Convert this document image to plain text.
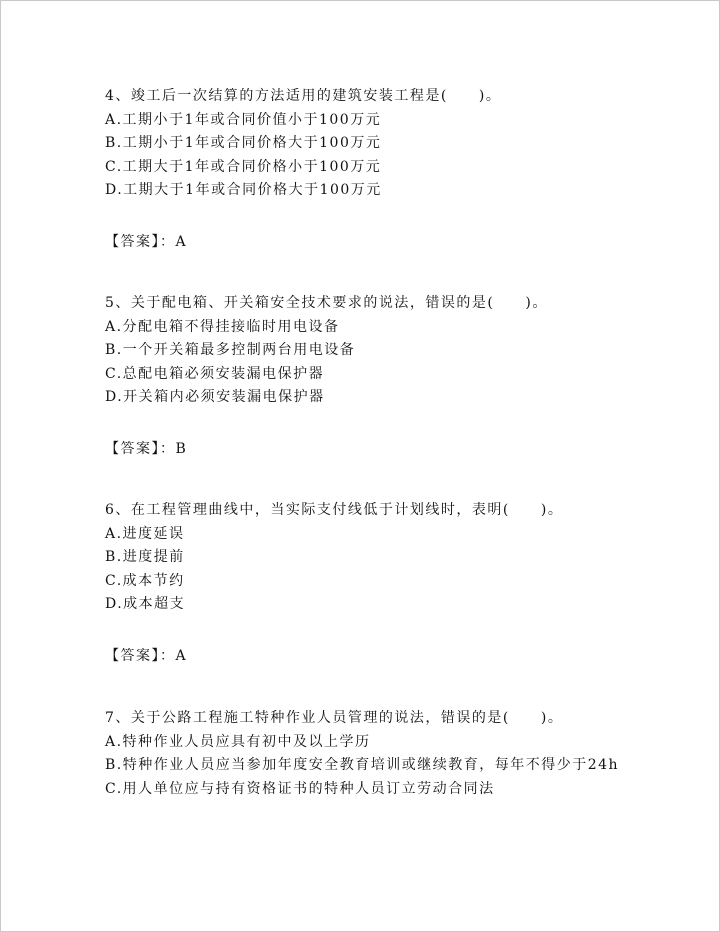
4、竣工后一次结算的方法适用的建筑安装工程是(　　)。
A.工期小于1年或合同价值小于100万元
B.工期小于1年或合同价格大于100万元
C.工期大于1年或合同价格小于100万元
D.工期大于1年或合同价格大于100万元
【答案】：A
5、关于配电箱、开关箱安全技术要求的说法，错误的是(　　)。
A.分配电箱不得挂接临时用电设备
B.一个开关箱最多控制两台用电设备
C.总配电箱必须安装漏电保护器
D.开关箱内必须安装漏电保护器
【答案】：B
6、在工程管理曲线中，当实际支付线低于计划线时，表明(　　)。
A.进度延误
B.进度提前
C.成本节约
D.成本超支
【答案】：A
7、关于公路工程施工特种作业人员管理的说法，错误的是(　　)。
A.特种作业人员应具有初中及以上学历
B.特种作业人员应当参加年度安全教育培训或继续教育，每年不得少于24h
C.用人单位应与持有资格证书的特种人员订立劳动合同法
